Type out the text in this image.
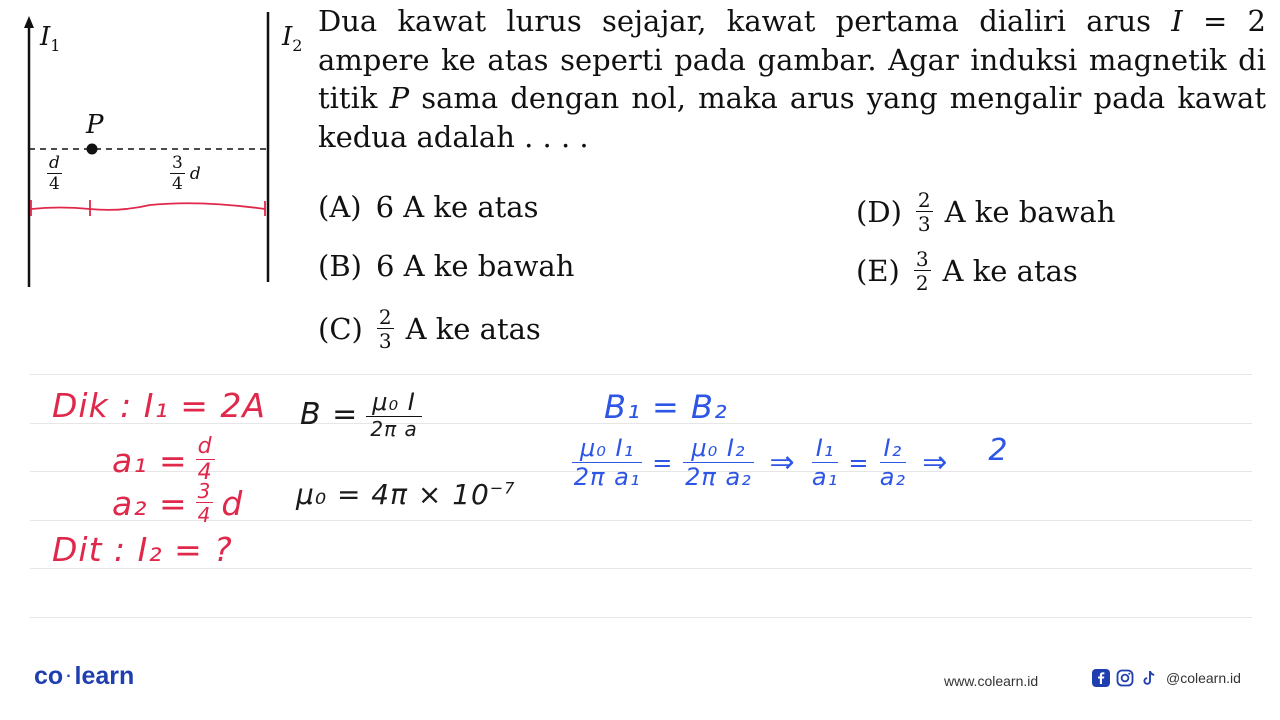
$I_1$	$I_2$
P
$\frac{d}{4}$	$\frac{3}{4}$ d
Dua kawat lurus sejajar, kawat pertama dialiri arus I = 2 ampere ke atas seperti pada gambar. Agar induksi magnetik di titik P sama dengan nol, maka arus yang mengalir pada kawat kedua adalah . . . .
(A) 6 A ke atas
(B) 6 A ke bawah
$(C) \frac{2}{3}$ A ke atas
$(D) \frac{2}{3}$ A ke bawah
$(E) \frac{3}{2}$ A ke atas
Dik : I₁ = 2A
$a_1 = \frac{d}{4}$
$a_2 = \frac{3}{4}$ d
Dit : I₂ = ?
$B = \frac{\text{μ₀ I}}{\text{2π a}}$
$\mu_0 = 4\pi \times 10^{-7}$
B₁ = B₂
$\frac{\text{μ₀ I₁}}{\text{2π a₁}} = \frac{\text{μ₀ I₂}}{\text{2π a₂}}$ ⇒ $\frac{\text{I₁}}{\text{a₁}} = \frac{\text{I₂}}{\text{a₂}}$ ⇒ 2
co · learn	www.colearn.id	@colearn.id
